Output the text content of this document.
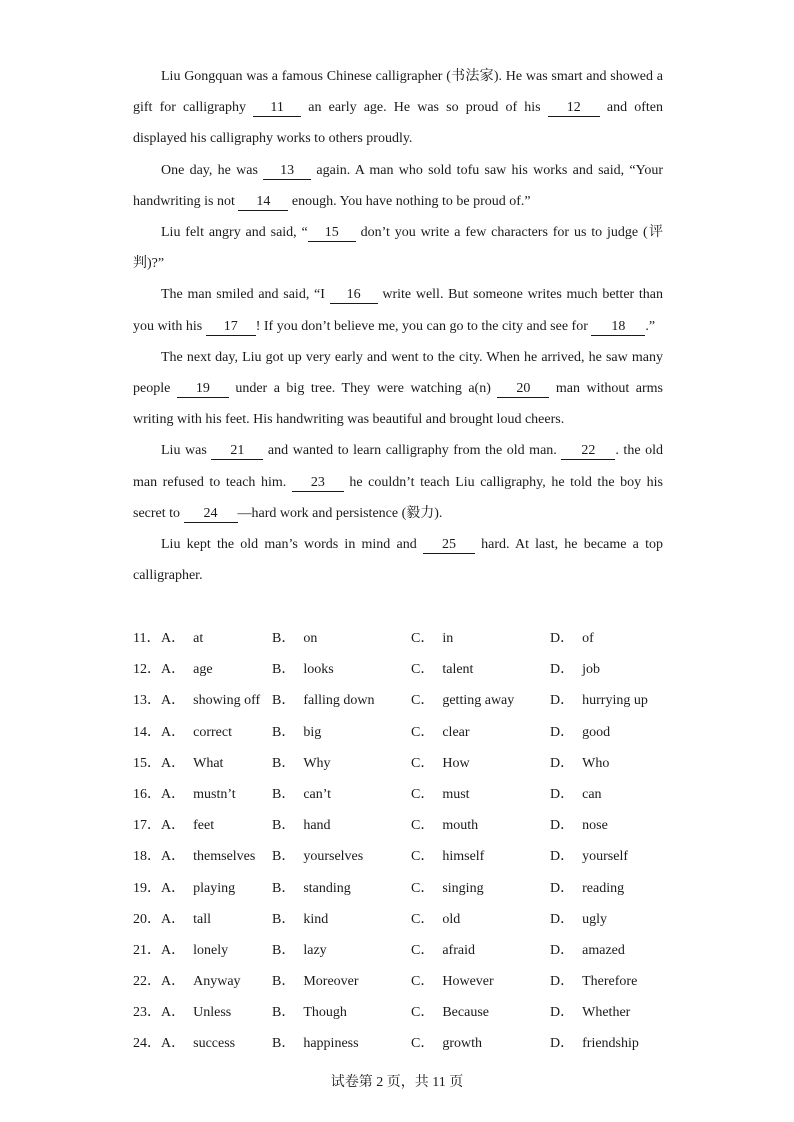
Liu Gongquan was a famous Chinese calligrapher (书法家). He was smart and showed a gift for calligraphy 11 an early age. He was so proud of his 12 and often displayed his calligraphy works to others proudly.

One day, he was 13 again. A man who sold tofu saw his works and said, “Your handwriting is not 14 enough. You have nothing to be proud of.”

Liu felt angry and said, “ 15 don’t you write a few characters for us to judge (评判)?”

The man smiled and said, “I 16 write well. But someone writes much better than you with his 17 ! If you don’t believe me, you can go to the city and see for 18 .”

The next day, Liu got up very early and went to the city. When he arrived, he saw many people 19 under a big tree. They were watching a(n) 20 man without arms writing with his feet. His handwriting was beautiful and brought loud cheers.

Liu was 21 and wanted to learn calligraphy from the old man. 22 . the old man refused to teach him. 23 he couldn’t teach Liu calligraphy, he told the boy his secret to 24 —hard work and persistence (毅力).

Liu kept the old man’s words in mind and 25 hard. At last, he became a top calligrapher.

11． A． at	B． on	C． in	D． of
12． A． age	B． looks	C． talent	D． job
13． A． showing off B． falling down	C． getting away	D． hurrying up
14． A． correct	B． big	C． clear	D． good
15． A． What	B． Why	C． How	D． Who
16． A． mustn’t	B． can’t	C． must	D． can
17． A． feet	B． hand	C． mouth	D． nose
18． A． themselves B． yourselves	C． himself	D． yourself
19． A． playing	B． standing	C． singing	D． reading
20． A． tall	B． kind	C． old	D． ugly
21． A． lonely	B． lazy	C． afraid	D． amazed
22． A． Anyway B． Moreover	C． However	D． Therefore
23． A． Unless	B． Though	C． Because	D． Whether
24． A． success	B． happiness	C． growth	D． friendship
试卷第 2 页，共 11 页
